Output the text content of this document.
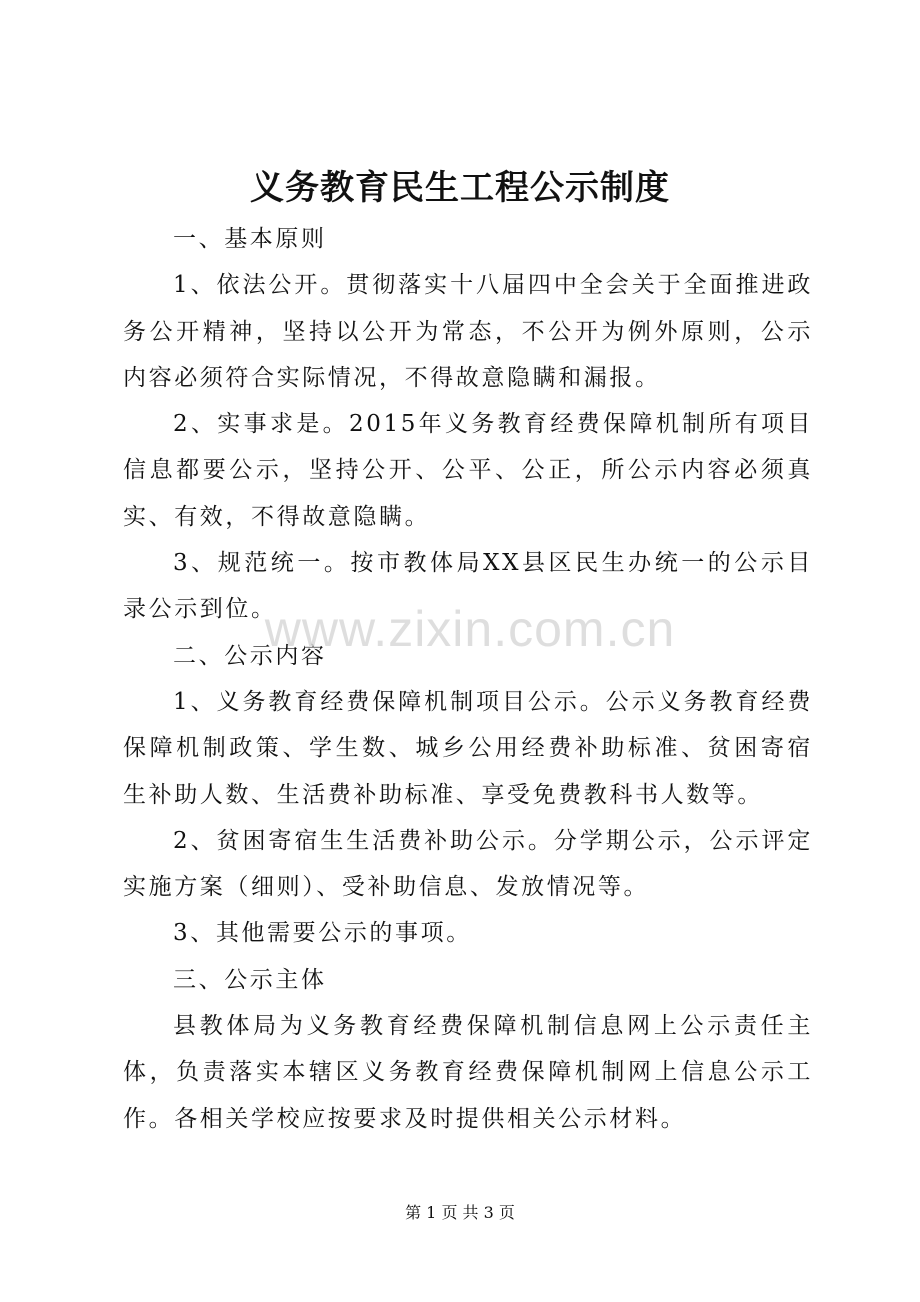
义务教育民生工程公示制度

一、基本原则

1、依法公开。贯彻落实十八届四中全会关于全面推进政务公开精神，坚持以公开为常态，不公开为例外原则，公示内容必须符合实际情况，不得故意隐瞒和漏报。

2、实事求是。2015年义务教育经费保障机制所有项目信息都要公示，坚持公开、公平、公正，所公示内容必须真实、有效，不得故意隐瞒。

3、规范统一。按市教体局XX县区民生办统一的公示目录公示到位。

二、公示内容

1、义务教育经费保障机制项目公示。公示义务教育经费保障机制政策、学生数、城乡公用经费补助标准、贫困寄宿生补助人数、生活费补助标准、享受免费教科书人数等。

2、贫困寄宿生生活费补助公示。分学期公示，公示评定实施方案（细则）、受补助信息、发放情况等。

3、其他需要公示的事项。

三、公示主体

县教体局为义务教育经费保障机制信息网上公示责任主体，负责落实本辖区义务教育经费保障机制网上信息公示工作。各相关学校应按要求及时提供相关公示材料。

www.zixin.com.cn
第 1 页 共 3 页
